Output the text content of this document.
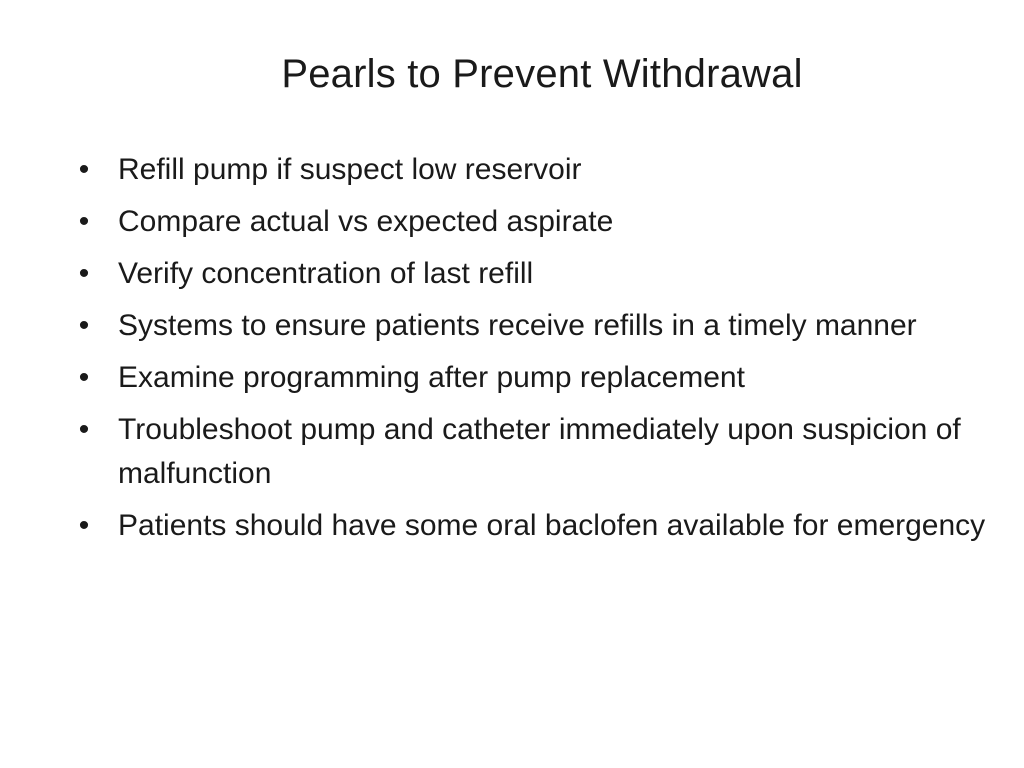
Pearls to Prevent Withdrawal
• Refill pump if suspect low reservoir
• Compare actual vs expected aspirate
• Verify concentration of last refill
• Systems to ensure patients receive refills in a timely manner
• Examine programming after pump replacement
• Troubleshoot pump and catheter immediately upon suspicion of malfunction
• Patients should have some oral baclofen available for emergency
